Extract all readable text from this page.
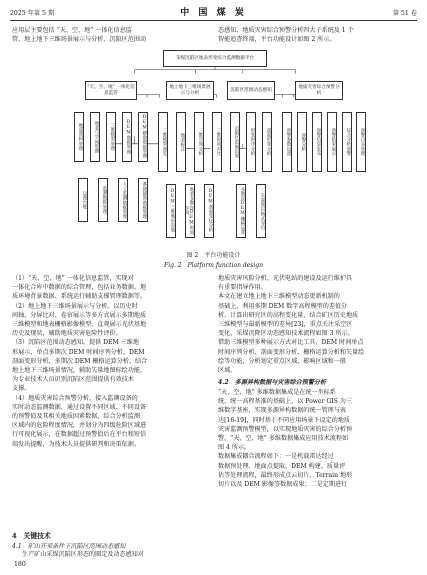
2025 年第 5 期	中 国 煤 炭	第 51 卷
应用层主要包括 “天、空、地” 一体化信息监
管、地上地下三维场景展示与分析、沉陷区范围动
态感知、地质灾害综合预警分析四大子系统及 1 个
智能追查终端，平台功能设计如图 2 所示。
采煤沉陷区地表形变综合监测数据平台
“天、空、地” 一体化信息监管
地上地下三维场景展示与分析
沉陷区范围动态感知
地质灾害综合预警分析
地质资料管理	地表与空间管理	三维模型管理	DEM数据管理	DEM辅助数据管理
以图台账	监测数据管理	人工监测数据管理	系统辅助数据管理
三维模型浏览	地表标注	三维空间分析	三维时间对比
DEM三维地形渲染	地表多期次DEM时间序列	DEM剖面变化分析
沉陷区范围识别	形变时序分析	剖面形变分析
多期次DEM栅格运算	矢量图层格式导出
预警参数设置	预警分析	预警信息发布	预警结果展示	综合分析预警	预警日志管理
图 2　平台功能设计
Fig. 2　Platform function design
（1）“天、空、地” 一体化信息监管，实现对
一体化合库中数据的综合管理，包括业务数据、地
质环境背景数据、系统运行辅助支撑管理数据等。
（2）地上地下三维场景展示与分析。以历史时
间轴、分屏比对、卷帘展示等多方式展示多期地质
三维模型和地表栅格影像模型，直观展示光伏基地
历史及现状，辅助地质灾害危险性评价。
（3）沉陷区范围动态感知。提供 DEM 三维地
形展示、单点多期次 DEM 时间序列分析、DEM
剖面变形分析、多期次 DEM 栅格运算分析，结合
地上地下三维场景情况，辅助矢量地图标绘功能，
为专业技术人员识别沉陷区范围提供有效技术
支撑。
（4）地质灾害综合预警分析。接入监测设备的
实时动态监测数据，通过设置不同区域、不同设备
的预警值及其相关地质因素数据，综合分析监测
区域内的危险程度情况，并划分为四级危险区域进
行可视化展示，在数据超过预警值后在平台和短信
端发出提醒，为技术人员提供研判和决策依据。
4　关键技术
4.1　矿山开采条件下沉陷区范围动态感知
生产矿山采煤沉陷区形态的圈定及动态感知对
地质灾害风险分析、光伏电站的建设及运行维护具
有重要指导作用。
本文在建立地上地下三维模型动态更新机制的
基础上，利用多期 DEM 数字高程模型的差值分
析，计算出研究区的高程变化量，结合矿区历史地质
三维模型与最新模型的差异[23]，重点关注采空区
变化，采煤沉降区动态感知技术流程如图 3 所示。
借助三维模型多种展示方式对比工具、DEM 时间单点
时间序列分析、剖面变形分析、栅格运算分析和矢量绘
绘等功能，分析划定重点区域、影响区域和一般
区域。
4.2　多源异构数据与灾害综合预警分析
“天、空、地” 多维数据集成是在统一坐标系
统、统一高程基准的基础上，以 Power GIS 为三
维数字基座，实现多源异构数据的统一管理与表
达[16-19]，同时基于不同应用场景下设定的地质
灾害监测预警模型，以实现地质灾害的综合分析预
警。“天、空、地” 多维数据集成应用技术流程如
图 4 所示。
数据集成耦合流程如下：一是机载雷达经过
数据预处理、地面点提取、DEM 构建、质量评
估等处理流程，最终形成点云切片、Terrain 地形
切片以及 DEM 影像等数据成果；二是定期进行
180
